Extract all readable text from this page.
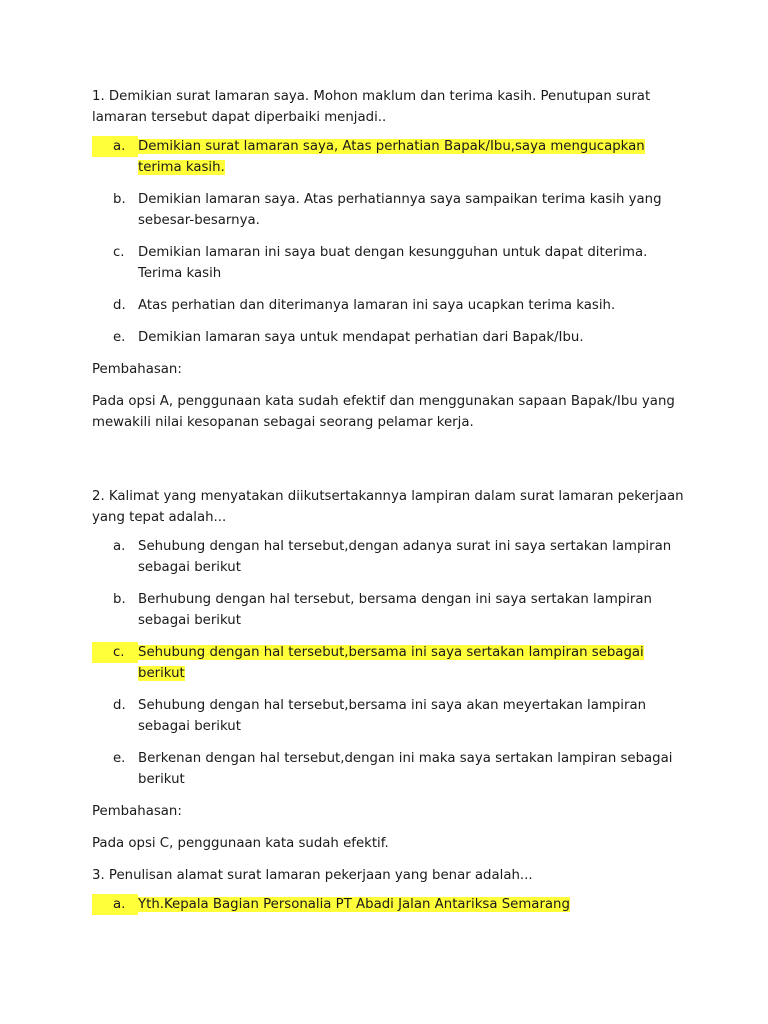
1. Demikian surat lamaran saya. Mohon maklum dan terima kasih. Penutupan surat lamaran tersebut dapat diperbaiki menjadi..

a. Demikian surat lamaran saya, Atas perhatian Bapak/Ibu,saya mengucapkan terima kasih.
b. Demikian lamaran saya. Atas perhatiannya saya sampaikan terima kasih yang sebesar-besarnya.
c.	Demikian lamaran ini saya buat dengan kesungguhan untuk dapat diterima. Terima kasih
d. Atas perhatian dan diterimanya lamaran ini saya ucapkan terima kasih.
e. Demikian lamaran saya untuk mendapat perhatian dari Bapak/Ibu.

Pembahasan:

Pada opsi A, penggunaan kata sudah efektif dan menggunakan sapaan Bapak/Ibu yang mewakili nilai kesopanan sebagai seorang pelamar kerja.

2. Kalimat yang menyatakan diikutsertakannya lampiran dalam surat lamaran pekerjaan yang tepat adalah...

a. Sehubung dengan hal tersebut,dengan adanya surat ini saya sertakan lampiran sebagai berikut
b. Berhubung dengan hal tersebut, bersama dengan ini saya sertakan lampiran sebagai berikut
c.	Sehubung dengan hal tersebut,bersama ini saya sertakan lampiran sebagai berikut
d. Sehubung dengan hal tersebut,bersama ini saya akan meyertakan lampiran sebagai berikut
e. Berkenan dengan hal tersebut,dengan ini maka saya sertakan lampiran sebagai berikut

Pembahasan:

Pada opsi C, penggunaan kata sudah efektif.

3. Penulisan alamat surat lamaran pekerjaan yang benar adalah...

a. Yth.Kepala Bagian Personalia PT Abadi Jalan Antariksa Semarang
